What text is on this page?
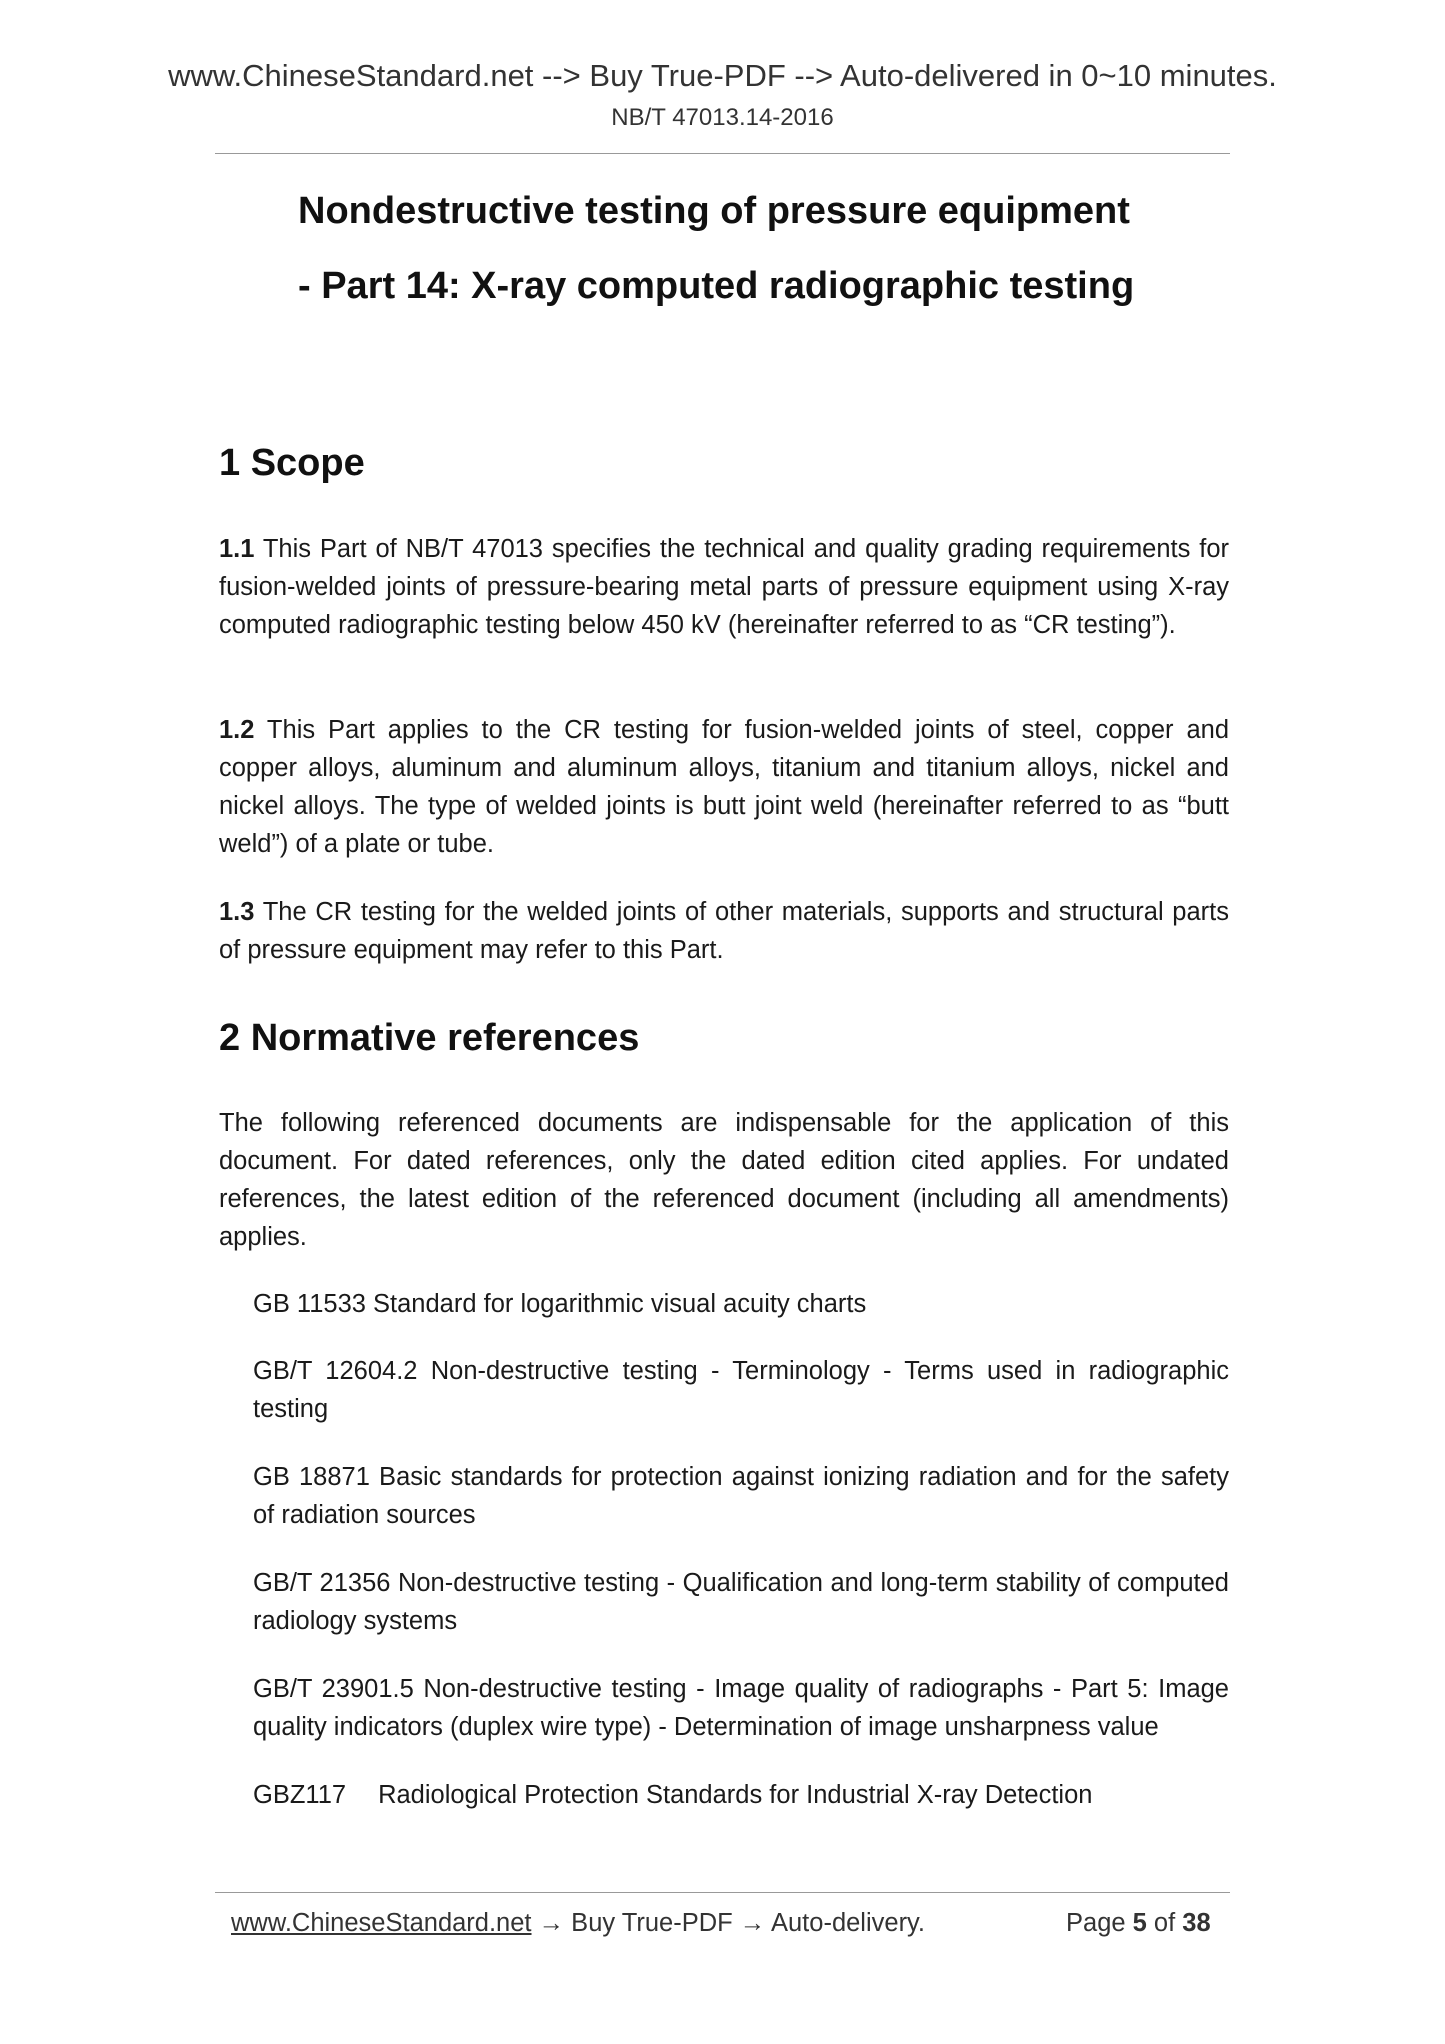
www.ChineseStandard.net --> Buy True-PDF --> Auto-delivered in 0~10 minutes.
NB/T 47013.14-2016
Nondestructive testing of pressure equipment
- Part 14: X-ray computed radiographic testing
1 Scope
1.1 This Part of NB/T 47013 specifies the technical and quality grading requirements for fusion-welded joints of pressure-bearing metal parts of pressure equipment using X-ray computed radiographic testing below 450 kV (hereinafter referred to as “CR testing”).
1.2 This Part applies to the CR testing for fusion-welded joints of steel, copper and copper alloys, aluminum and aluminum alloys, titanium and titanium alloys, nickel and nickel alloys. The type of welded joints is butt joint weld (hereinafter referred to as “butt weld”) of a plate or tube.
1.3 The CR testing for the welded joints of other materials, supports and structural parts of pressure equipment may refer to this Part.
2 Normative references
The following referenced documents are indispensable for the application of this document. For dated references, only the dated edition cited applies. For undated references, the latest edition of the referenced document (including all amendments) applies.
GB 11533 Standard for logarithmic visual acuity charts
GB/T 12604.2 Non-destructive testing - Terminology - Terms used in radiographic testing
GB 18871 Basic standards for protection against ionizing radiation and for the safety of radiation sources
GB/T 21356 Non-destructive testing - Qualification and long-term stability of computed radiology systems
GB/T 23901.5 Non-destructive testing - Image quality of radiographs - Part 5: Image quality indicators (duplex wire type) - Determination of image unsharpness value
GBZ117 Radiological Protection Standards for Industrial X-ray Detection
www.ChineseStandard.net → Buy True-PDF → Auto-delivery.	Page 5 of 38
